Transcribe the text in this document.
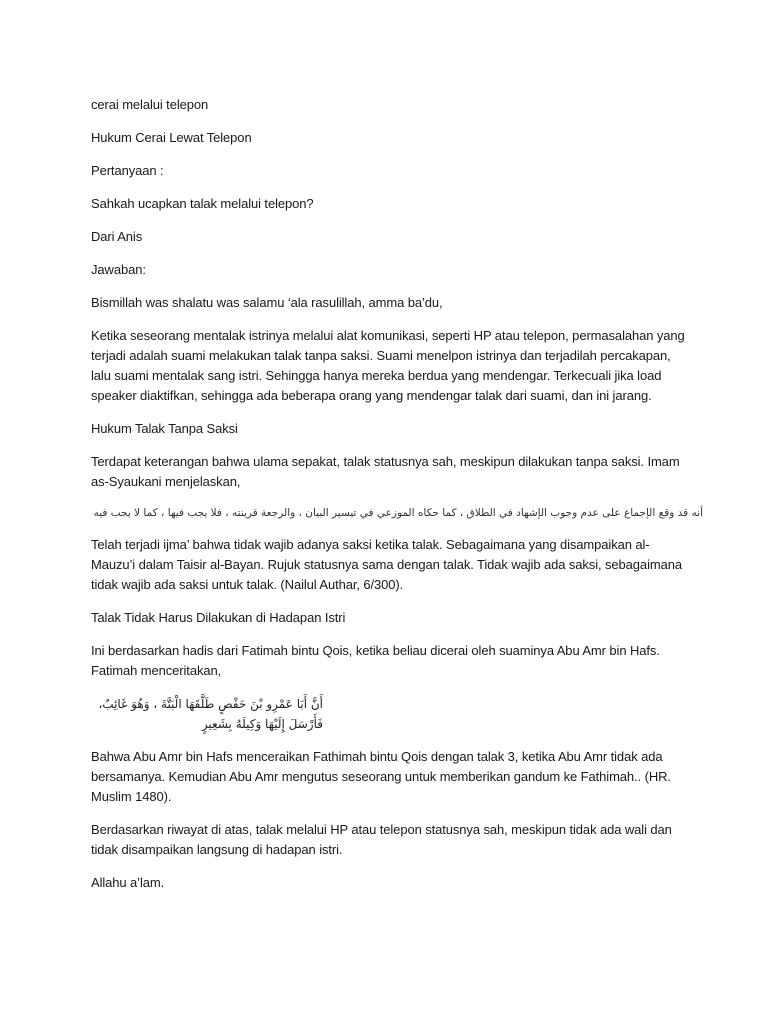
cerai melalui telepon

Hukum Cerai Lewat Telepon

Pertanyaan :

Sahkah ucapkan talak melalui telepon?

Dari Anis

Jawaban:

Bismillah was shalatu was salamu ‘ala rasulillah, amma ba’du,

Ketika seseorang mentalak istrinya melalui alat komunikasi, seperti HP atau telepon, permasalahan yang terjadi adalah suami melakukan talak tanpa saksi. Suami menelpon istrinya dan terjadilah percakapan, lalu suami mentalak sang istri. Sehingga hanya mereka berdua yang mendengar. Terkecuali jika load speaker diaktifkan, sehingga ada beberapa orang yang mendengar talak dari suami, dan ini jarang.

Hukum Talak Tanpa Saksi

Terdapat keterangan bahwa ulama sepakat, talak statusnya sah, meskipun dilakukan tanpa saksi. Imam as-Syaukani menjelaskan,

أنه قد وقع الإجماع على عدم وجوب الإشهاد في الطلاق ، كما حكاه الموزعي في تيسير البيان ، والرجعة قرينته ، فلا يجب فيها ، كما لا يجب فيه

Telah terjadi ijma’ bahwa tidak wajib adanya saksi ketika talak. Sebagaimana yang disampaikan al-Mauzu’i dalam Taisir al-Bayan. Rujuk statusnya sama dengan talak. Tidak wajib ada saksi, sebagaimana tidak wajib ada saksi untuk talak. (Nailul Authar, 6/300).

Talak Tidak Harus Dilakukan di Hadapan Istri

Ini berdasarkan hadis dari Fatimah bintu Qois, ketika beliau dicerai oleh suaminya Abu Amr bin Hafs. Fatimah menceritakan,

أَنَّ أَبَا عَمْرِو بْنَ حَفْصٍ طَلَّقَهَا الْبَتَّةَ ، وَهُوَ غَائِبٌ، فَأَرْسَلَ إِلَيْهَا وَكِيلَهُ بِشَعِيرٍ

Bahwa Abu Amr bin Hafs menceraikan Fathimah bintu Qois dengan talak 3, ketika Abu Amr tidak ada bersamanya. Kemudian Abu Amr mengutus seseorang untuk memberikan gandum ke Fathimah.. (HR. Muslim 1480).

Berdasarkan riwayat di atas, talak melalui HP atau telepon statusnya sah, meskipun tidak ada wali dan tidak disampaikan langsung di hadapan istri.

Allahu a’lam.
